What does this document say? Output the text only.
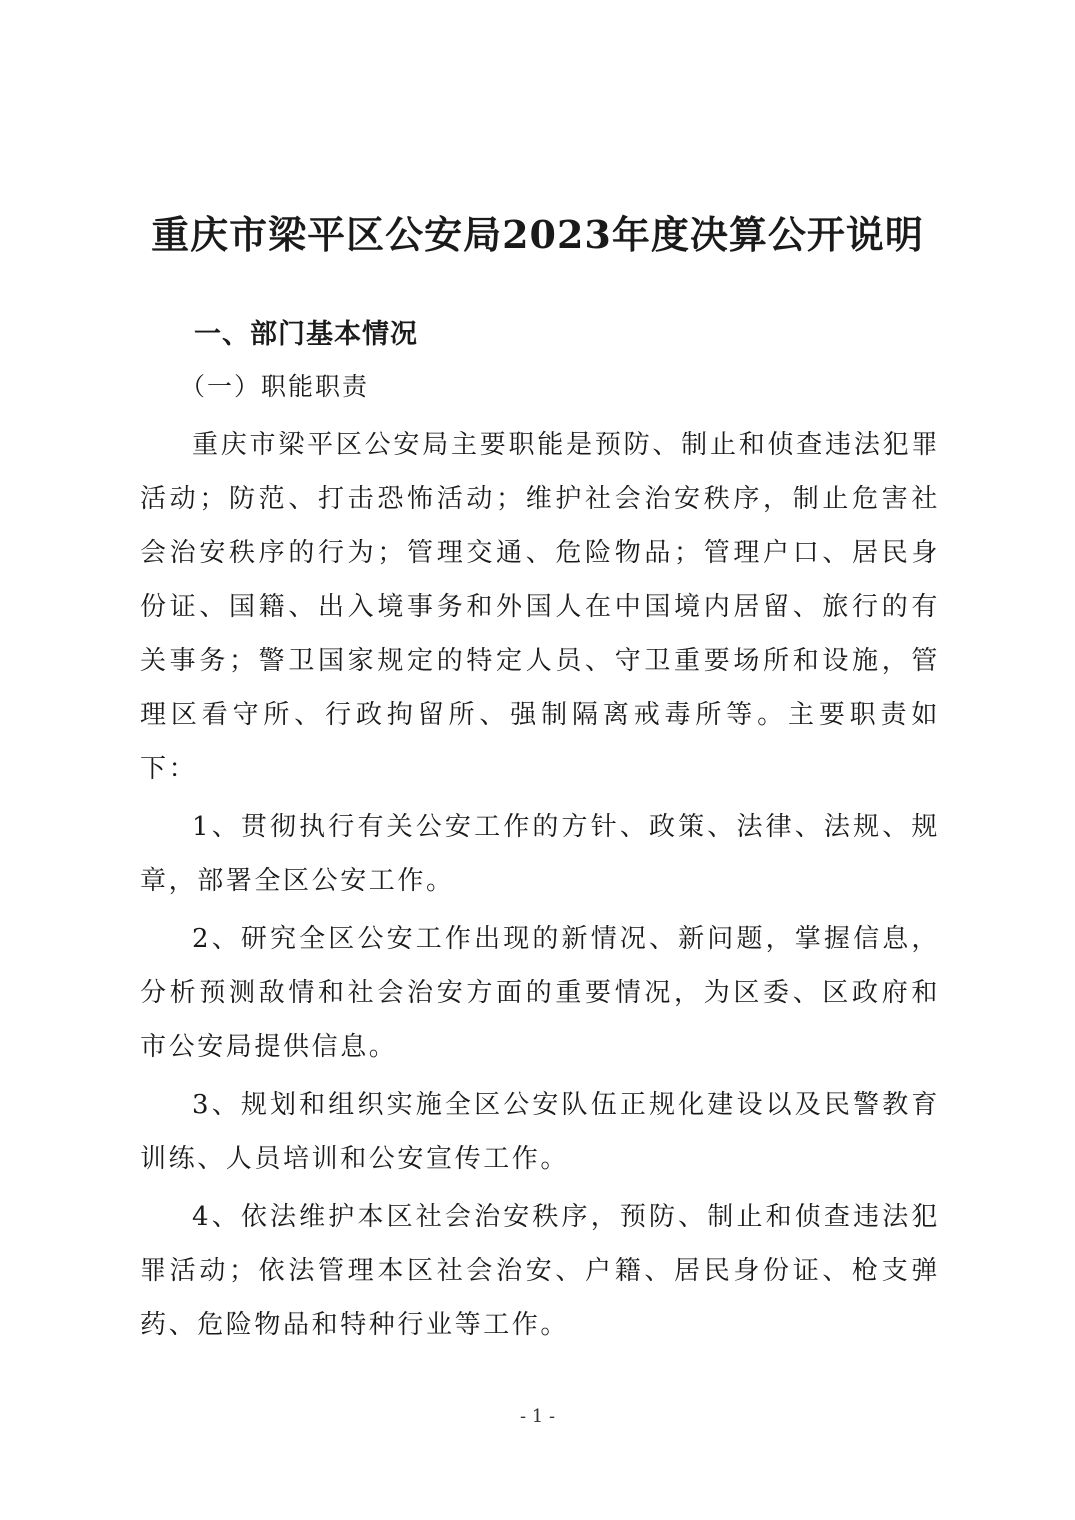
重庆市梁平区公安局2023年度决算公开说明

一、部门基本情况

（一）职能职责

重庆市梁平区公安局主要职能是预防、制止和侦查违法犯罪活动；防范、打击恐怖活动；维护社会治安秩序，制止危害社会治安秩序的行为；管理交通、危险物品；管理户口、居民身份证、国籍、出入境事务和外国人在中国境内居留、旅行的有关事务；警卫国家规定的特定人员、守卫重要场所和设施，管理区看守所、行政拘留所、强制隔离戒毒所等。主要职责如下：

1、贯彻执行有关公安工作的方针、政策、法律、法规、规章，部署全区公安工作。

2、研究全区公安工作出现的新情况、新问题，掌握信息，分析预测敌情和社会治安方面的重要情况，为区委、区政府和市公安局提供信息。

3、规划和组织实施全区公安队伍正规化建设以及民警教育训练、人员培训和公安宣传工作。

4、依法维护本区社会治安秩序，预防、制止和侦查违法犯罪活动；依法管理本区社会治安、户籍、居民身份证、枪支弹药、危险物品和特种行业等工作。

- 1 -
